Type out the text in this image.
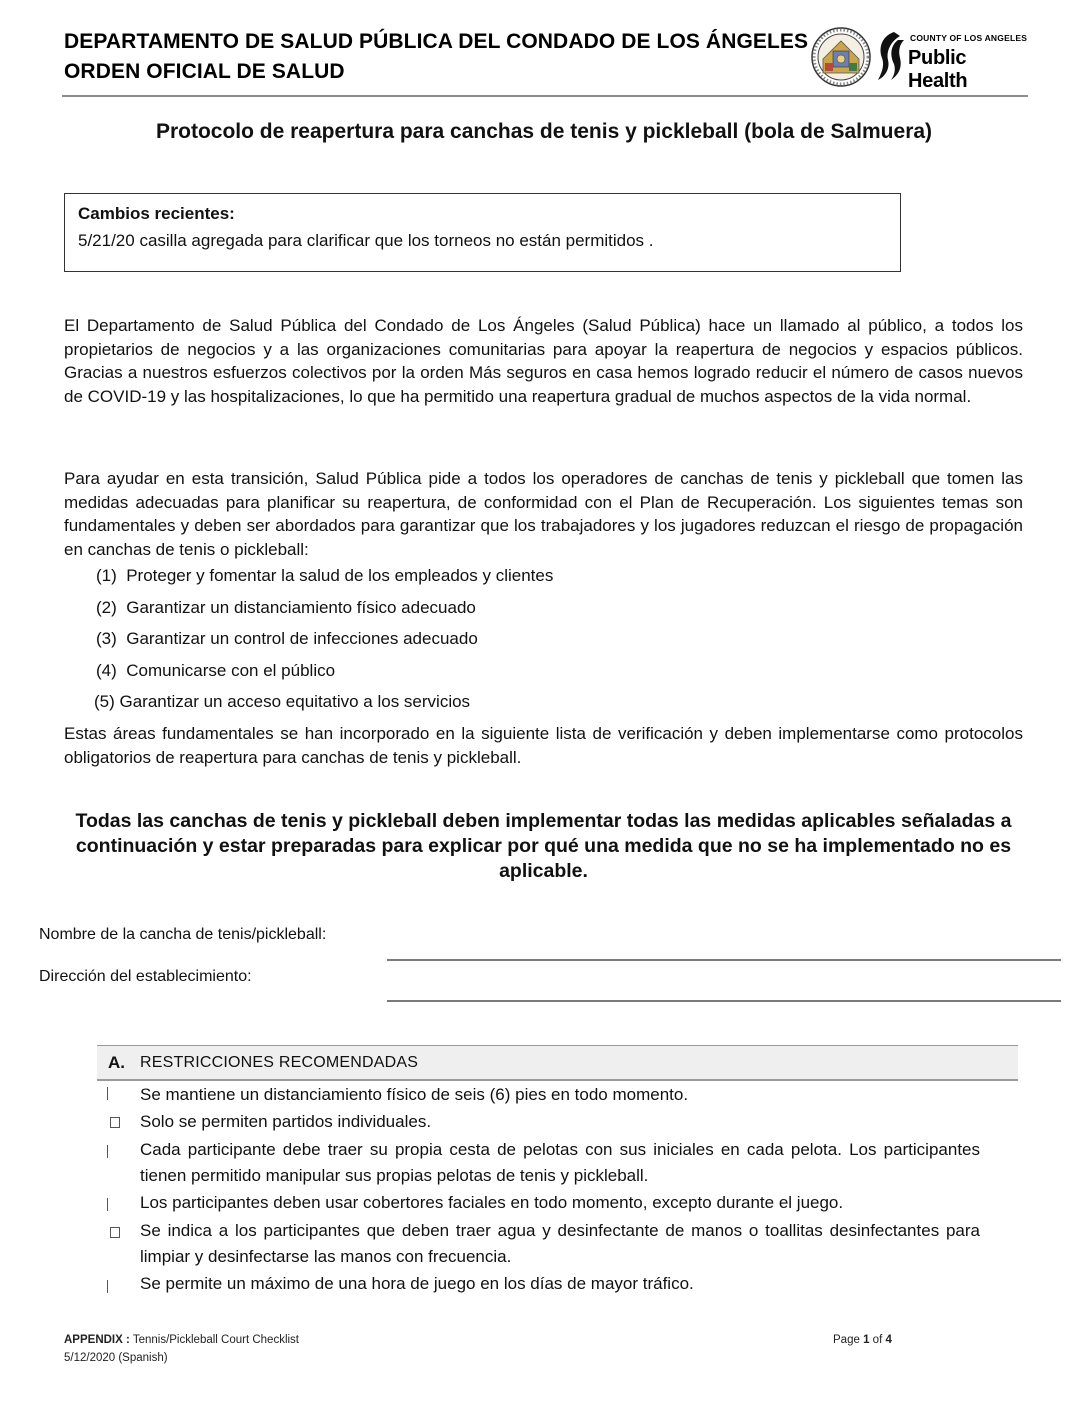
DEPARTAMENTO DE SALUD PÚBLICA DEL CONDADO DE LOS ÁNGELES
ORDEN OFICIAL DE SALUD
COUNTY OF LOS ANGELES
Public Health
Protocolo de reapertura para canchas de tenis y pickleball (bola de Salmuera)
Cambios recientes:
5/21/20 casilla agregada para clarificar que los torneos no están permitidos .
El Departamento de Salud Pública del Condado de Los Ángeles (Salud Pública) hace un llamado al público, a todos los propietarios de negocios y a las organizaciones comunitarias para apoyar la reapertura de negocios y espacios públicos. Gracias a nuestros esfuerzos colectivos por la orden Más seguros en casa hemos logrado reducir el número de casos nuevos de COVID-19 y las hospitalizaciones, lo que ha permitido una reapertura gradual de muchos aspectos de la vida normal.
Para ayudar en esta transición, Salud Pública pide a todos los operadores de canchas de tenis y pickleball que tomen las medidas adecuadas para planificar su reapertura, de conformidad con el Plan de Recuperación. Los siguientes temas son fundamentales y deben ser abordados para garantizar que los trabajadores y los jugadores reduzcan el riesgo de propagación en canchas de tenis o pickleball:
(1)  Proteger y fomentar la salud de los empleados y clientes
(2)  Garantizar un distanciamiento físico adecuado
(3)  Garantizar un control de infecciones adecuado
(4)  Comunicarse con el público
(5) Garantizar un acceso equitativo a los servicios
Estas áreas fundamentales se han incorporado en la siguiente lista de verificación y deben implementarse como protocolos obligatorios de reapertura para canchas de tenis y pickleball.
Todas las canchas de tenis y pickleball deben implementar todas las medidas aplicables señaladas a continuación y estar preparadas para explicar por qué una medida que no se ha implementado no es aplicable.
Nombre de la cancha de tenis/pickleball:
Dirección del establecimiento:
A. RESTRICCIONES RECOMENDADAS
Se mantiene un distanciamiento físico de seis (6) pies en todo momento.
Solo se permiten partidos individuales.
Cada participante debe traer su propia cesta de pelotas con sus iniciales en cada pelota. Los participantes tienen permitido manipular sus propias pelotas de tenis y pickleball.
Los participantes deben usar cobertores faciales en todo momento, excepto durante el juego.
Se indica a los participantes que deben traer agua y desinfectante de manos o toallitas desinfectantes para limpiar y desinfectarse las manos con frecuencia.
Se permite un máximo de una hora de juego en los días de mayor tráfico.
APPENDIX : Tennis/Pickleball Court Checklist
5/12/2020 (Spanish)
Page 1 of 4
